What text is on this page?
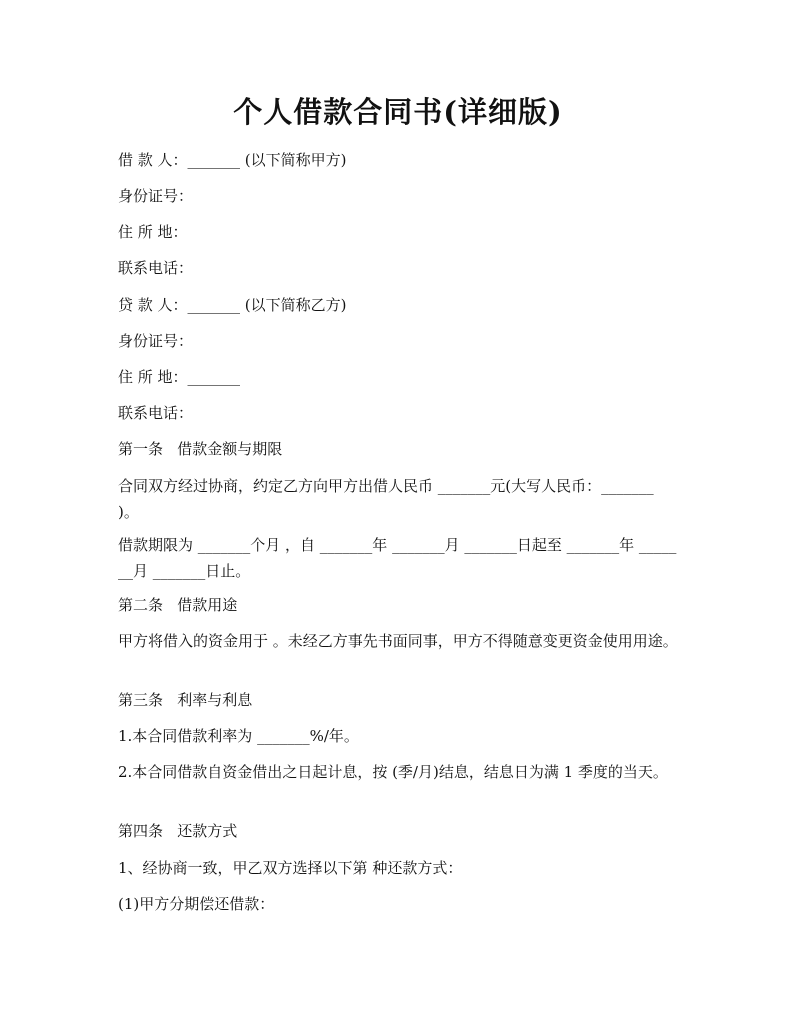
个人借款合同书(详细版)
借 款 人：_______ (以下简称甲方)
身份证号：
住 所 地：
联系电话：
贷 款 人：_______ (以下简称乙方)
身份证号：
住 所 地：_______
联系电话：
第一条   借款金额与期限
合同双方经过协商，约定乙方向甲方出借人民币 _______元(大写人民币：_______ )。
借款期限为 _______个月 ，自 _______年 _______月 _______日起至 _______年 _______月 _______日止。
第二条   借款用途
甲方将借入的资金用于 。未经乙方事先书面同事，甲方不得随意变更资金使用用途。
第三条   利率与利息
1.本合同借款利率为 _______%/年。
2.本合同借款自资金借出之日起计息，按 (季/月)结息，结息日为满 1 季度的当天。
第四条   还款方式
1、经协商一致，甲乙双方选择以下第 种还款方式：
(1)甲方分期偿还借款：
